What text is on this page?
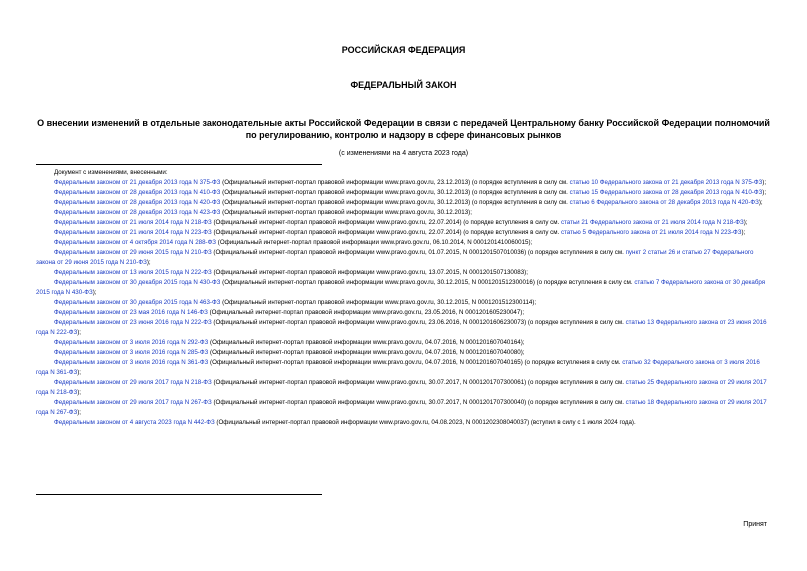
РОССИЙСКАЯ ФЕДЕРАЦИЯ
ФЕДЕРАЛЬНЫЙ ЗАКОН
О внесении изменений в отдельные законодательные акты Российской Федерации в связи с передачей Центральному банку Российской Федерации полномочий по регулированию, контролю и надзору в сфере финансовых рынков
(с изменениями на 4 августа 2023 года)
Документ с изменениями, внесенными:
Федеральным законом от 21 декабря 2013 года N 375-ФЗ (Официальный интернет-портал правовой информации www.pravo.gov.ru, 23.12.2013) (о порядке вступления в силу см. статью 10 Федерального закона от 21 декабря 2013 года N 375-ФЗ);
Федеральным законом от 28 декабря 2013 года N 410-ФЗ (Официальный интернет-портал правовой информации www.pravo.gov.ru, 30.12.2013) (о порядке вступления в силу см. статью 15 Федерального закона от 28 декабря 2013 года N 410-ФЗ);
Федеральным законом от 28 декабря 2013 года N 420-ФЗ (Официальный интернет-портал правовой информации www.pravo.gov.ru, 30.12.2013) (о порядке вступления в силу см. статью 6 Федерального закона от 28 декабря 2013 года N 420-ФЗ);
Федеральным законом от 28 декабря 2013 года N 423-ФЗ (Официальный интернет-портал правовой информации www.pravo.gov.ru, 30.12.2013);
Федеральным законом от 21 июля 2014 года N 218-ФЗ (Официальный интернет-портал правовой информации www.pravo.gov.ru, 22.07.2014) (о порядке вступления в силу см. статьи 21 Федерального закона от 21 июля 2014 года N 218-ФЗ);
Федеральным законом от 21 июля 2014 года N 223-ФЗ (Официальный интернет-портал правовой информации www.pravo.gov.ru, 22.07.2014) (о порядке вступления в силу см. статью 5 Федерального закона от 21 июля 2014 года N 223-ФЗ);
Федеральным законом от 4 октября 2014 года N 288-ФЗ (Официальный интернет-портал правовой информации www.pravo.gov.ru, 06.10.2014, N 0001201410060015);
Федеральным законом от 29 июня 2015 года N 210-ФЗ (Официальный интернет-портал правовой информации www.pravo.gov.ru, 01.07.2015, N 0001201507010036) (о порядке вступления в силу см. пункт 2 статьи 26 и статью 27 Федерального закона от 29 июня 2015 года N 210-ФЗ);
Федеральным законом от 13 июля 2015 года N 222-ФЗ (Официальный интернет-портал правовой информации www.pravo.gov.ru, 13.07.2015, N 0001201507130083);
Федеральным законом от 30 декабря 2015 года N 430-ФЗ (Официальный интернет-портал правовой информации www.pravo.gov.ru, 30.12.2015, N 0001201512300016) (о порядке вступления в силу см. статью 7 Федерального закона от 30 декабря 2015 года N 430-ФЗ);
Федеральным законом от 30 декабря 2015 года N 463-ФЗ (Официальный интернет-портал правовой информации www.pravo.gov.ru, 30.12.2015, N 0001201512300114);
Федеральным законом от 23 мая 2016 года N 146-ФЗ (Официальный интернет-портал правовой информации www.pravo.gov.ru, 23.05.2016, N 0001201605230047);
Федеральным законом от 23 июня 2016 года N 222-ФЗ (Официальный интернет-портал правовой информации www.pravo.gov.ru, 23.06.2016, N 0001201606230073) (о порядке вступления в силу см. статью 13 Федерального закона от 23 июня 2016 года N 222-ФЗ);
Федеральным законом от 3 июля 2016 года N 292-ФЗ (Официальный интернет-портал правовой информации www.pravo.gov.ru, 04.07.2016, N 0001201607040164);
Федеральным законом от 3 июля 2016 года N 285-ФЗ (Официальный интернет-портал правовой информации www.pravo.gov.ru, 04.07.2016, N 0001201607040080);
Федеральным законом от 3 июля 2016 года N 361-ФЗ (Официальный интернет-портал правовой информации www.pravo.gov.ru, 04.07.2016, N 0001201607040165) (о порядке вступления в силу см. статью 32 Федерального закона от 3 июля 2016 года N 361-ФЗ);
Федеральным законом от 29 июля 2017 года N 218-ФЗ (Официальный интернет-портал правовой информации www.pravo.gov.ru, 30.07.2017, N 0001201707300061) (о порядке вступления в силу см. статью 25 Федерального закона от 29 июля 2017 года N 218-ФЗ);
Федеральным законом от 29 июля 2017 года N 267-ФЗ (Официальный интернет-портал правовой информации www.pravo.gov.ru, 30.07.2017, N 0001201707300040) (о порядке вступления в силу см. статью 18 Федерального закона от 29 июля 2017 года N 267-ФЗ);
Федеральным законом от 4 августа 2023 года N 442-ФЗ (Официальный интернет-портал правовой информации www.pravo.gov.ru, 04.08.2023, N 0001202308040037) (вступил в силу с 1 июля 2024 года).
Принят
